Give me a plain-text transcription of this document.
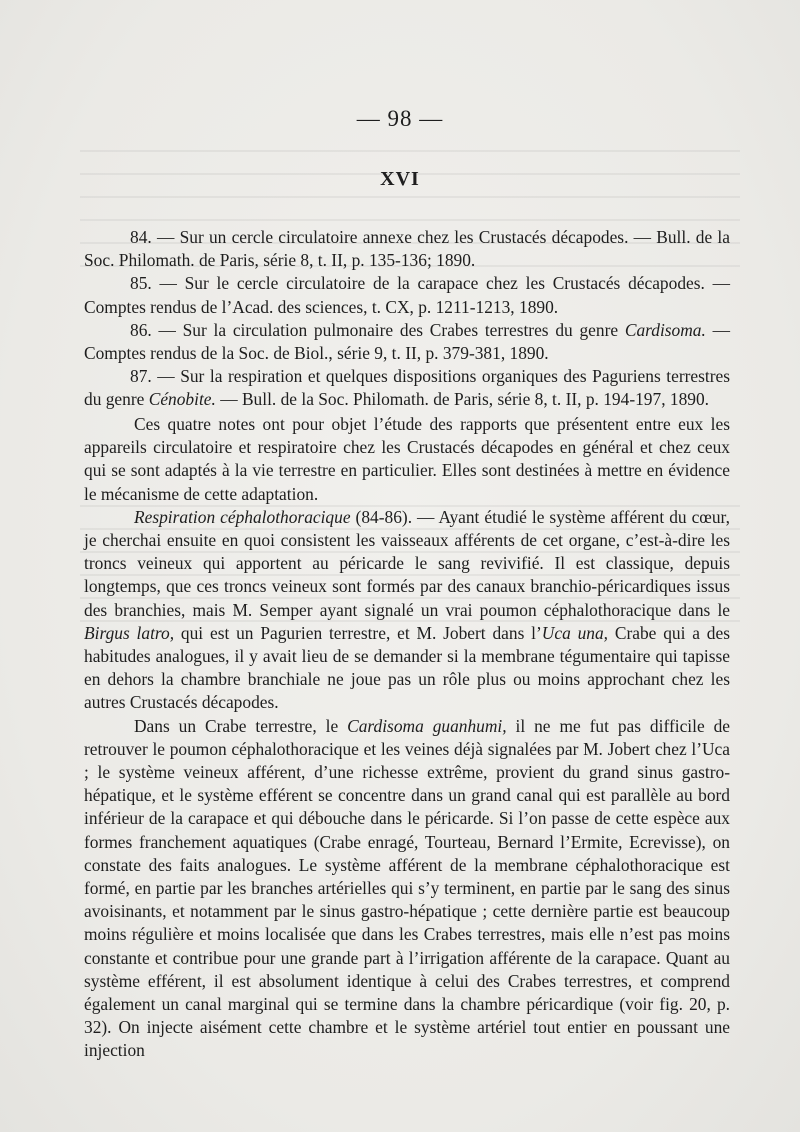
— 98 —
XVI

84. — Sur un cercle circulatoire annexe chez les Crustacés décapodes. — Bull. de la Soc. Philomath. de Paris, série 8, t. II, p. 135-136; 1890.

85. — Sur le cercle circulatoire de la carapace chez les Crustacés décapodes. — Comptes rendus de l’Acad. des sciences, t. CX, p. 1211-1213, 1890.

86. — Sur la circulation pulmonaire des Crabes terrestres du genre Cardisoma. — Comptes rendus de la Soc. de Biol., série 9, t. II, p. 379-381, 1890.

87. — Sur la respiration et quelques dispositions organiques des Paguriens terrestres du genre Cénobite. — Bull. de la Soc. Philomath. de Paris, série 8, t. II, p. 194-197, 1890.

Ces quatre notes ont pour objet l’étude des rapports que présentent entre eux les appareils circulatoire et respiratoire chez les Crustacés décapodes en général et chez ceux qui se sont adaptés à la vie terrestre en particulier. Elles sont destinées à mettre en évidence le mécanisme de cette adaptation.

Respiration céphalothoracique (84-86). — Ayant étudié le système afférent du cœur, je cherchai ensuite en quoi consistent les vaisseaux afférents de cet organe, c’est-à-dire les troncs veineux qui apportent au péricarde le sang revivifié. Il est classique, depuis longtemps, que ces troncs veineux sont formés par des canaux branchio-péricardiques issus des branchies, mais M. Semper ayant signalé un vrai poumon céphalothoracique dans le Birgus latro, qui est un Pagurien terrestre, et M. Jobert dans l’Uca una, Crabe qui a des habitudes analogues, il y avait lieu de se demander si la membrane tégumentaire qui tapisse en dehors la chambre branchiale ne joue pas un rôle plus ou moins approchant chez les autres Crustacés décapodes.

Dans un Crabe terrestre, le Cardisoma guanhumi, il ne me fut pas difficile de retrouver le poumon céphalothoracique et les veines déjà signalées par M. Jobert chez l’Uca ; le système veineux afférent, d’une richesse extrême, provient du grand sinus gastro-hépatique, et le système efférent se concentre dans un grand canal qui est parallèle au bord inférieur de la carapace et qui débouche dans le péricarde. Si l’on passe de cette espèce aux formes franchement aquatiques (Crabe enragé, Tourteau, Bernard l’Ermite, Ecrevisse), on constate des faits analogues. Le système afférent de la membrane céphalothoracique est formé, en partie par les branches artérielles qui s’y terminent, en partie par le sang des sinus avoisinants, et notamment par le sinus gastro-hépatique ; cette dernière partie est beaucoup moins régulière et moins localisée que dans les Crabes terrestres, mais elle n’est pas moins constante et contribue pour une grande part à l’irrigation afférente de la carapace. Quant au système efférent, il est absolument identique à celui des Crabes terrestres, et comprend également un canal marginal qui se termine dans la chambre péricardique (voir fig. 20, p. 32). On injecte aisément cette chambre et le système artériel tout entier en poussant une injection
